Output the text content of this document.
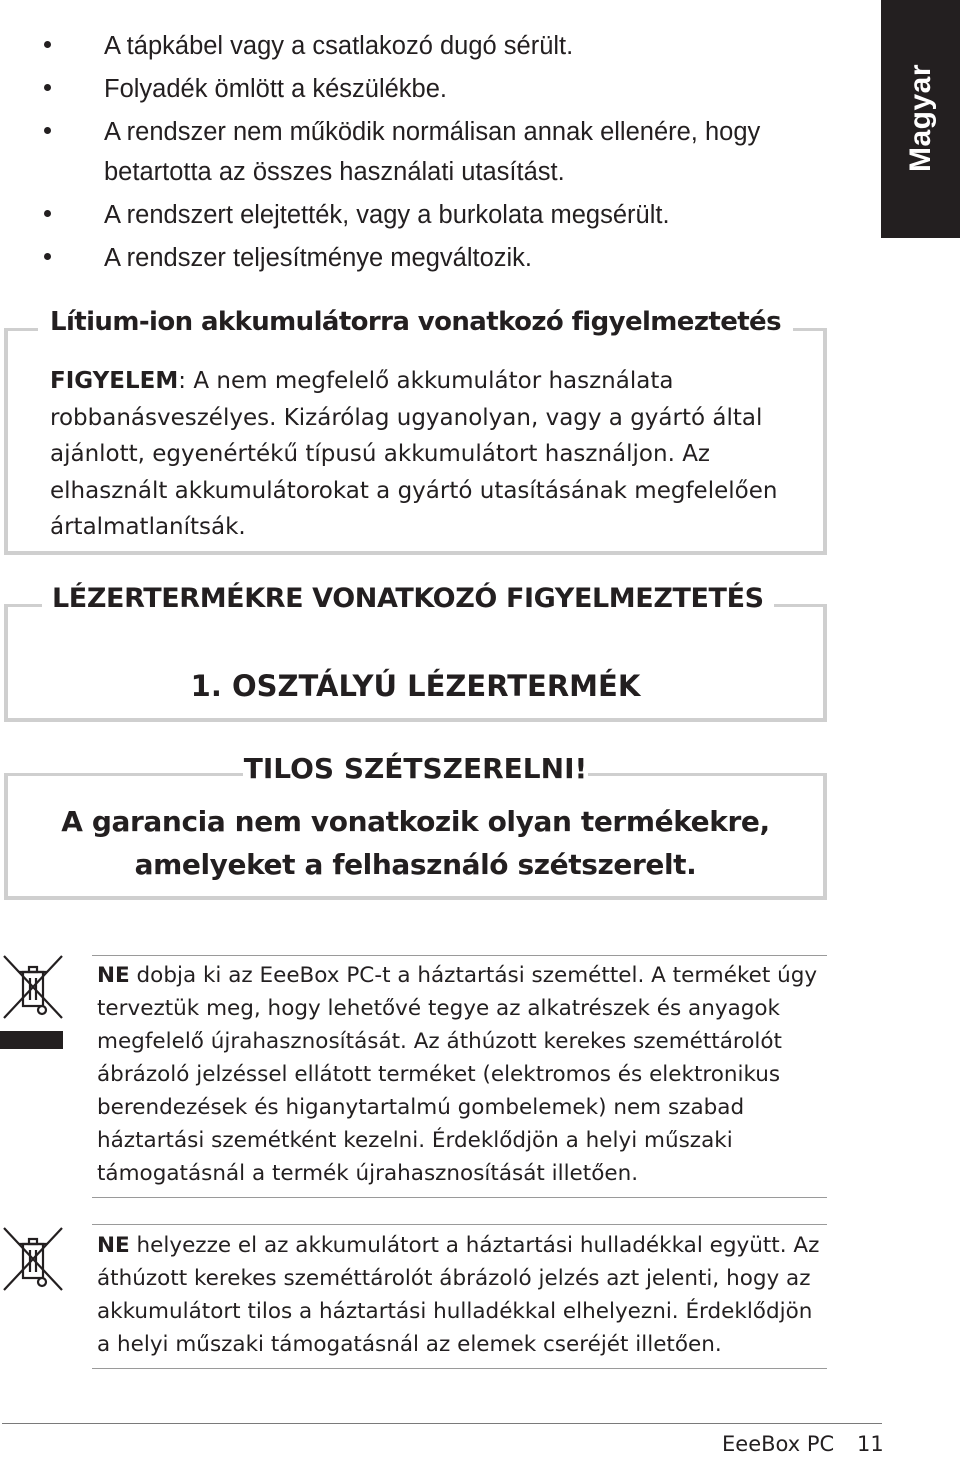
Magyar
A tápkábel vagy a csatlakozó dugó sérült.
Folyadék ömlött a készülékbe.
A rendszer nem működik normálisan annak ellenére, hogy betartotta az összes használati utasítást.
A rendszert elejtették, vagy a burkolata megsérült.
A rendszer teljesítménye megváltozik.
Lítium-ion akkumulátorra vonatkozó figyelmeztetés
FIGYELEM: A nem megfelelő akkumulátor használata robbanásveszélyes. Kizárólag ugyanolyan, vagy a gyártó által ajánlott, egyenértékű típusú akkumulátort használjon. Az elhasznált akkumulátorokat a gyártó utasításának megfelelően ártalmatlanítsák.
LÉZERTERMÉKRE VONATKOZÓ FIGYELMEZTETÉS
1. OSZTÁLYÚ LÉZERTERMÉK
TILOS SZÉTSZERELNI!
A garancia nem vonatkozik olyan termékekre,
amelyeket a felhasználó szétszerelt.
NE dobja ki az EeeBox PC-t a háztartási szeméttel. A terméket úgy terveztük meg, hogy lehetővé tegye az alkatrészek és anyagok megfelelő újrahasznosítását. Az áthúzott kerekes szeméttárolót ábrázoló jelzéssel ellátott terméket (elektromos és elektronikus berendezések és higanytartalmú gombelemek) nem szabad háztartási szemétként kezelni. Érdeklődjön a helyi műszaki támogatásnál a termék újrahasznosítását illetően.
NE helyezze el az akkumulátort a háztartási hulladékkal együtt. Az áthúzott kerekes szeméttárolót ábrázoló jelzés azt jelenti, hogy az akkumulátort tilos a háztartási hulladékkal elhelyezni. Érdeklődjön a helyi műszaki támogatásnál az elemek cseréjét illetően.
EeeBox PC 11
